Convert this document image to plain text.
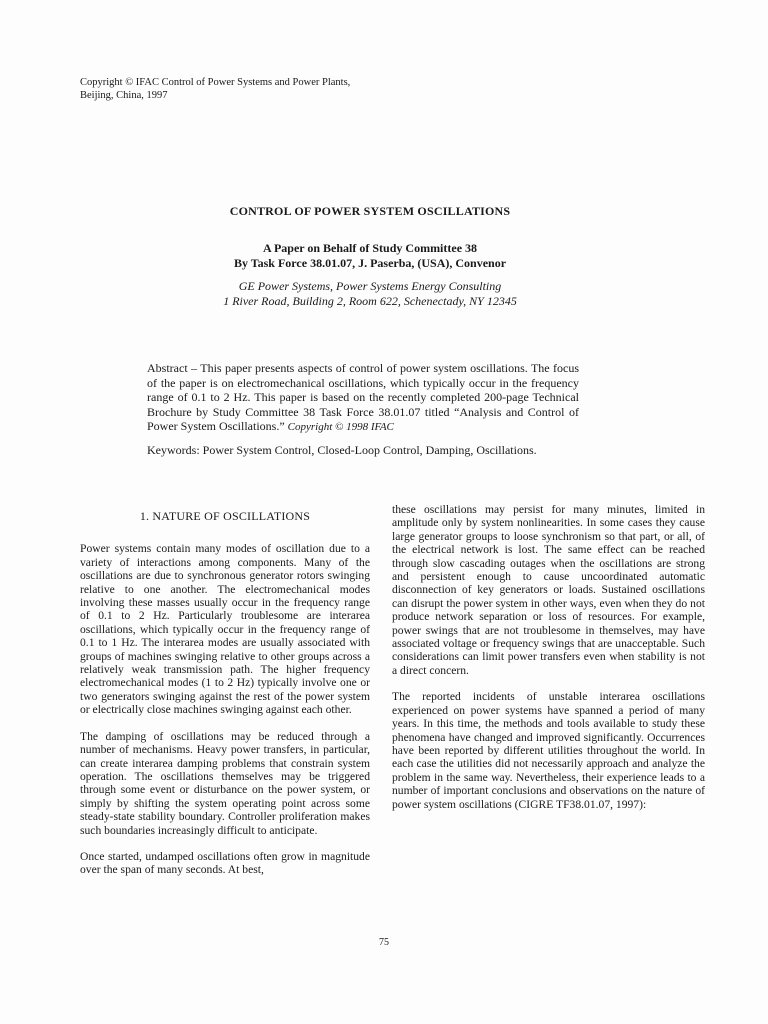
Copyright © IFAC Control of Power Systems and Power Plants,
Beijing, China, 1997
CONTROL OF POWER SYSTEM OSCILLATIONS
A Paper on Behalf of Study Committee 38
By Task Force 38.01.07, J. Paserba, (USA), Convenor
GE Power Systems, Power Systems Energy Consulting
1 River Road, Building 2, Room 622, Schenectady, NY 12345
Abstract – This paper presents aspects of control of power system oscillations. The focus of the paper is on electromechanical oscillations, which typically occur in the frequency range of 0.1 to 2 Hz. This paper is based on the recently completed 200-page Technical Brochure by Study Committee 38 Task Force 38.01.07 titled “Analysis and Control of Power System Oscillations.” Copyright © 1998 IFAC
Keywords: Power System Control, Closed-Loop Control, Damping, Oscillations.
1. NATURE OF OSCILLATIONS

Power systems contain many modes of oscillation due to a variety of interactions among components. Many of the oscillations are due to synchronous generator rotors swinging relative to one another. The electromechanical modes involving these masses usually occur in the frequency range of 0.1 to 2 Hz. Particularly troublesome are interarea oscillations, which typically occur in the frequency range of 0.1 to 1 Hz. The interarea modes are usually associated with groups of machines swinging relative to other groups across a relatively weak transmission path. The higher frequency electromechanical modes (1 to 2 Hz) typically involve one or two generators swinging against the rest of the power system or electrically close machines swinging against each other.

The damping of oscillations may be reduced through a number of mechanisms. Heavy power transfers, in particular, can create interarea damping problems that constrain system operation. The oscillations themselves may be triggered through some event or disturbance on the power system, or simply by shifting the system operating point across some steady-state stability boundary. Controller proliferation makes such boundaries increasingly difficult to anticipate.

Once started, undamped oscillations often grow in magnitude over the span of many seconds. At best,

these oscillations may persist for many minutes, limited in amplitude only by system nonlinearities. In some cases they cause large generator groups to loose synchronism so that part, or all, of the electrical network is lost. The same effect can be reached through slow cascading outages when the oscillations are strong and persistent enough to cause uncoordinated automatic disconnection of key generators or loads. Sustained oscillations can disrupt the power system in other ways, even when they do not produce network separation or loss of resources. For example, power swings that are not troublesome in themselves, may have associated voltage or frequency swings that are unacceptable. Such considerations can limit power transfers even when stability is not a direct concern.

The reported incidents of unstable interarea oscillations experienced on power systems have spanned a period of many years. In this time, the methods and tools available to study these phenomena have changed and improved significantly. Occurrences have been reported by different utilities throughout the world. In each case the utilities did not necessarily approach and analyze the problem in the same way. Nevertheless, their experience leads to a number of important conclusions and observations on the nature of power system oscillations (CIGRE TF38.01.07, 1997):

75
